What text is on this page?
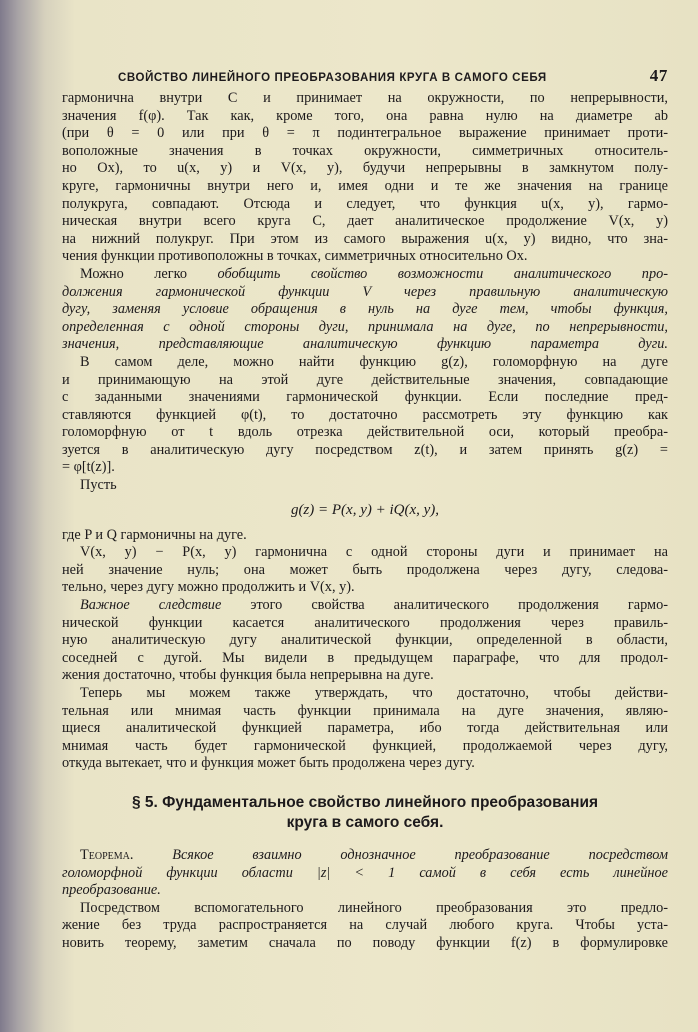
СВОЙСТВО ЛИНЕЙНОГО ПРЕОБРАЗОВАНИЯ КРУГА В САМОГО СЕБЯ	47
гармонична внутри C и принимает на окружности, по непрерывности,
значения f(φ). Так как, кроме того, она равна нулю на диаметре ab
(при θ = 0 или при θ = π подинтегральное выражение принимает проти-
воположные значения в точках окружности, симметричных относитель-
но Ox), то u(x, y) и V(x, y), будучи непрерывны в замкнутом полу-
круге, гармоничны внутри него и, имея одни и те же значения на границе
полукруга, совпадают. Отсюда и следует, что функция u(x, y), гармо-
ническая внутри всего круга C, дает аналитическое продолжение V(x, y)
на нижний полукруг. При этом из самого выражения u(x, y) видно, что зна-
чения функции противоположны в точках, симметричных относительно Ox.
Можно легко обобщить свойство возможности аналитического про-
должения гармонической функции V через правильную аналитическую
дугу, заменяя условие обращения в нуль на дуге тем, чтобы функция,
определенная с одной стороны дуги, принимала на дуге, по непрерывности,
значения, представляющие аналитическую функцию параметра дуги.
В самом деле, можно найти функцию g(z), голоморфную на дуге
и принимающую на этой дуге действительные значения, совпадающие
с заданными значениями гармонической функции. Если последние пред-
ставляются функцией φ(t), то достаточно рассмотреть эту функцию как
голоморфную от t вдоль отрезка действительной оси, который преобра-
зуется в аналитическую дугу посредством z(t), и затем принять g(z) =
= φ[t(z)].
Пусть
g(z) = P(x, y) + iQ(x, y),
где P и Q гармоничны на дуге.
V(x, y) − P(x, y) гармонична с одной стороны дуги и принимает на
ней значение нуль; она может быть продолжена через дугу, следова-
тельно, через дугу можно продолжить и V(x, y).
Важное следствие этого свойства аналитического продолжения гармо-
нической функции касается аналитического продолжения через правиль-
ную аналитическую дугу аналитической функции, определенной в области,
соседней с дугой. Мы видели в предыдущем параграфе, что для продол-
жения достаточно, чтобы функция была непрерывна на дуге.
Теперь мы можем также утверждать, что достаточно, чтобы действи-
тельная или мнимая часть функции принимала на дуге значения, являю-
щиеся аналитической функцией параметра, ибо тогда действительная или
мнимая часть будет гармонической функцией, продолжаемой через дугу,
откуда вытекает, что и функция может быть продолжена через дугу.
§ 5. Фундаментальное свойство линейного преобразования
круга в самого себя.
Теорема. Всякое взаимно однозначное преобразование посредством
голоморфной функции области |z| < 1 самой в себя есть линейное
преобразование.
Посредством вспомогательного линейного преобразования это предло-
жение без труда распространяется на случай любого круга. Чтобы уста-
новить теорему, заметим сначала по поводу функции f(z) в формулировке
